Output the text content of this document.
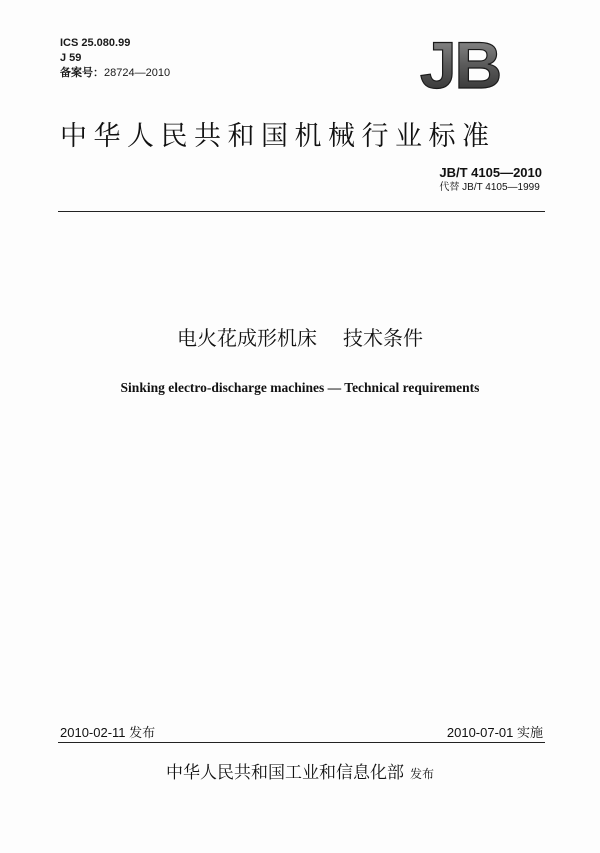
ICS 25.080.99
J 59
备案号：28724—2010	JB
中华人民共和国机械行业标准
JB/T 4105—2010
代替 JB/T 4105—1999
电火花成形机床 技术条件
Sinking electro-discharge machines — Technical requirements
2010-02-11 发布	2010-07-01 实施
中华人民共和国工业和信息化部 发布
